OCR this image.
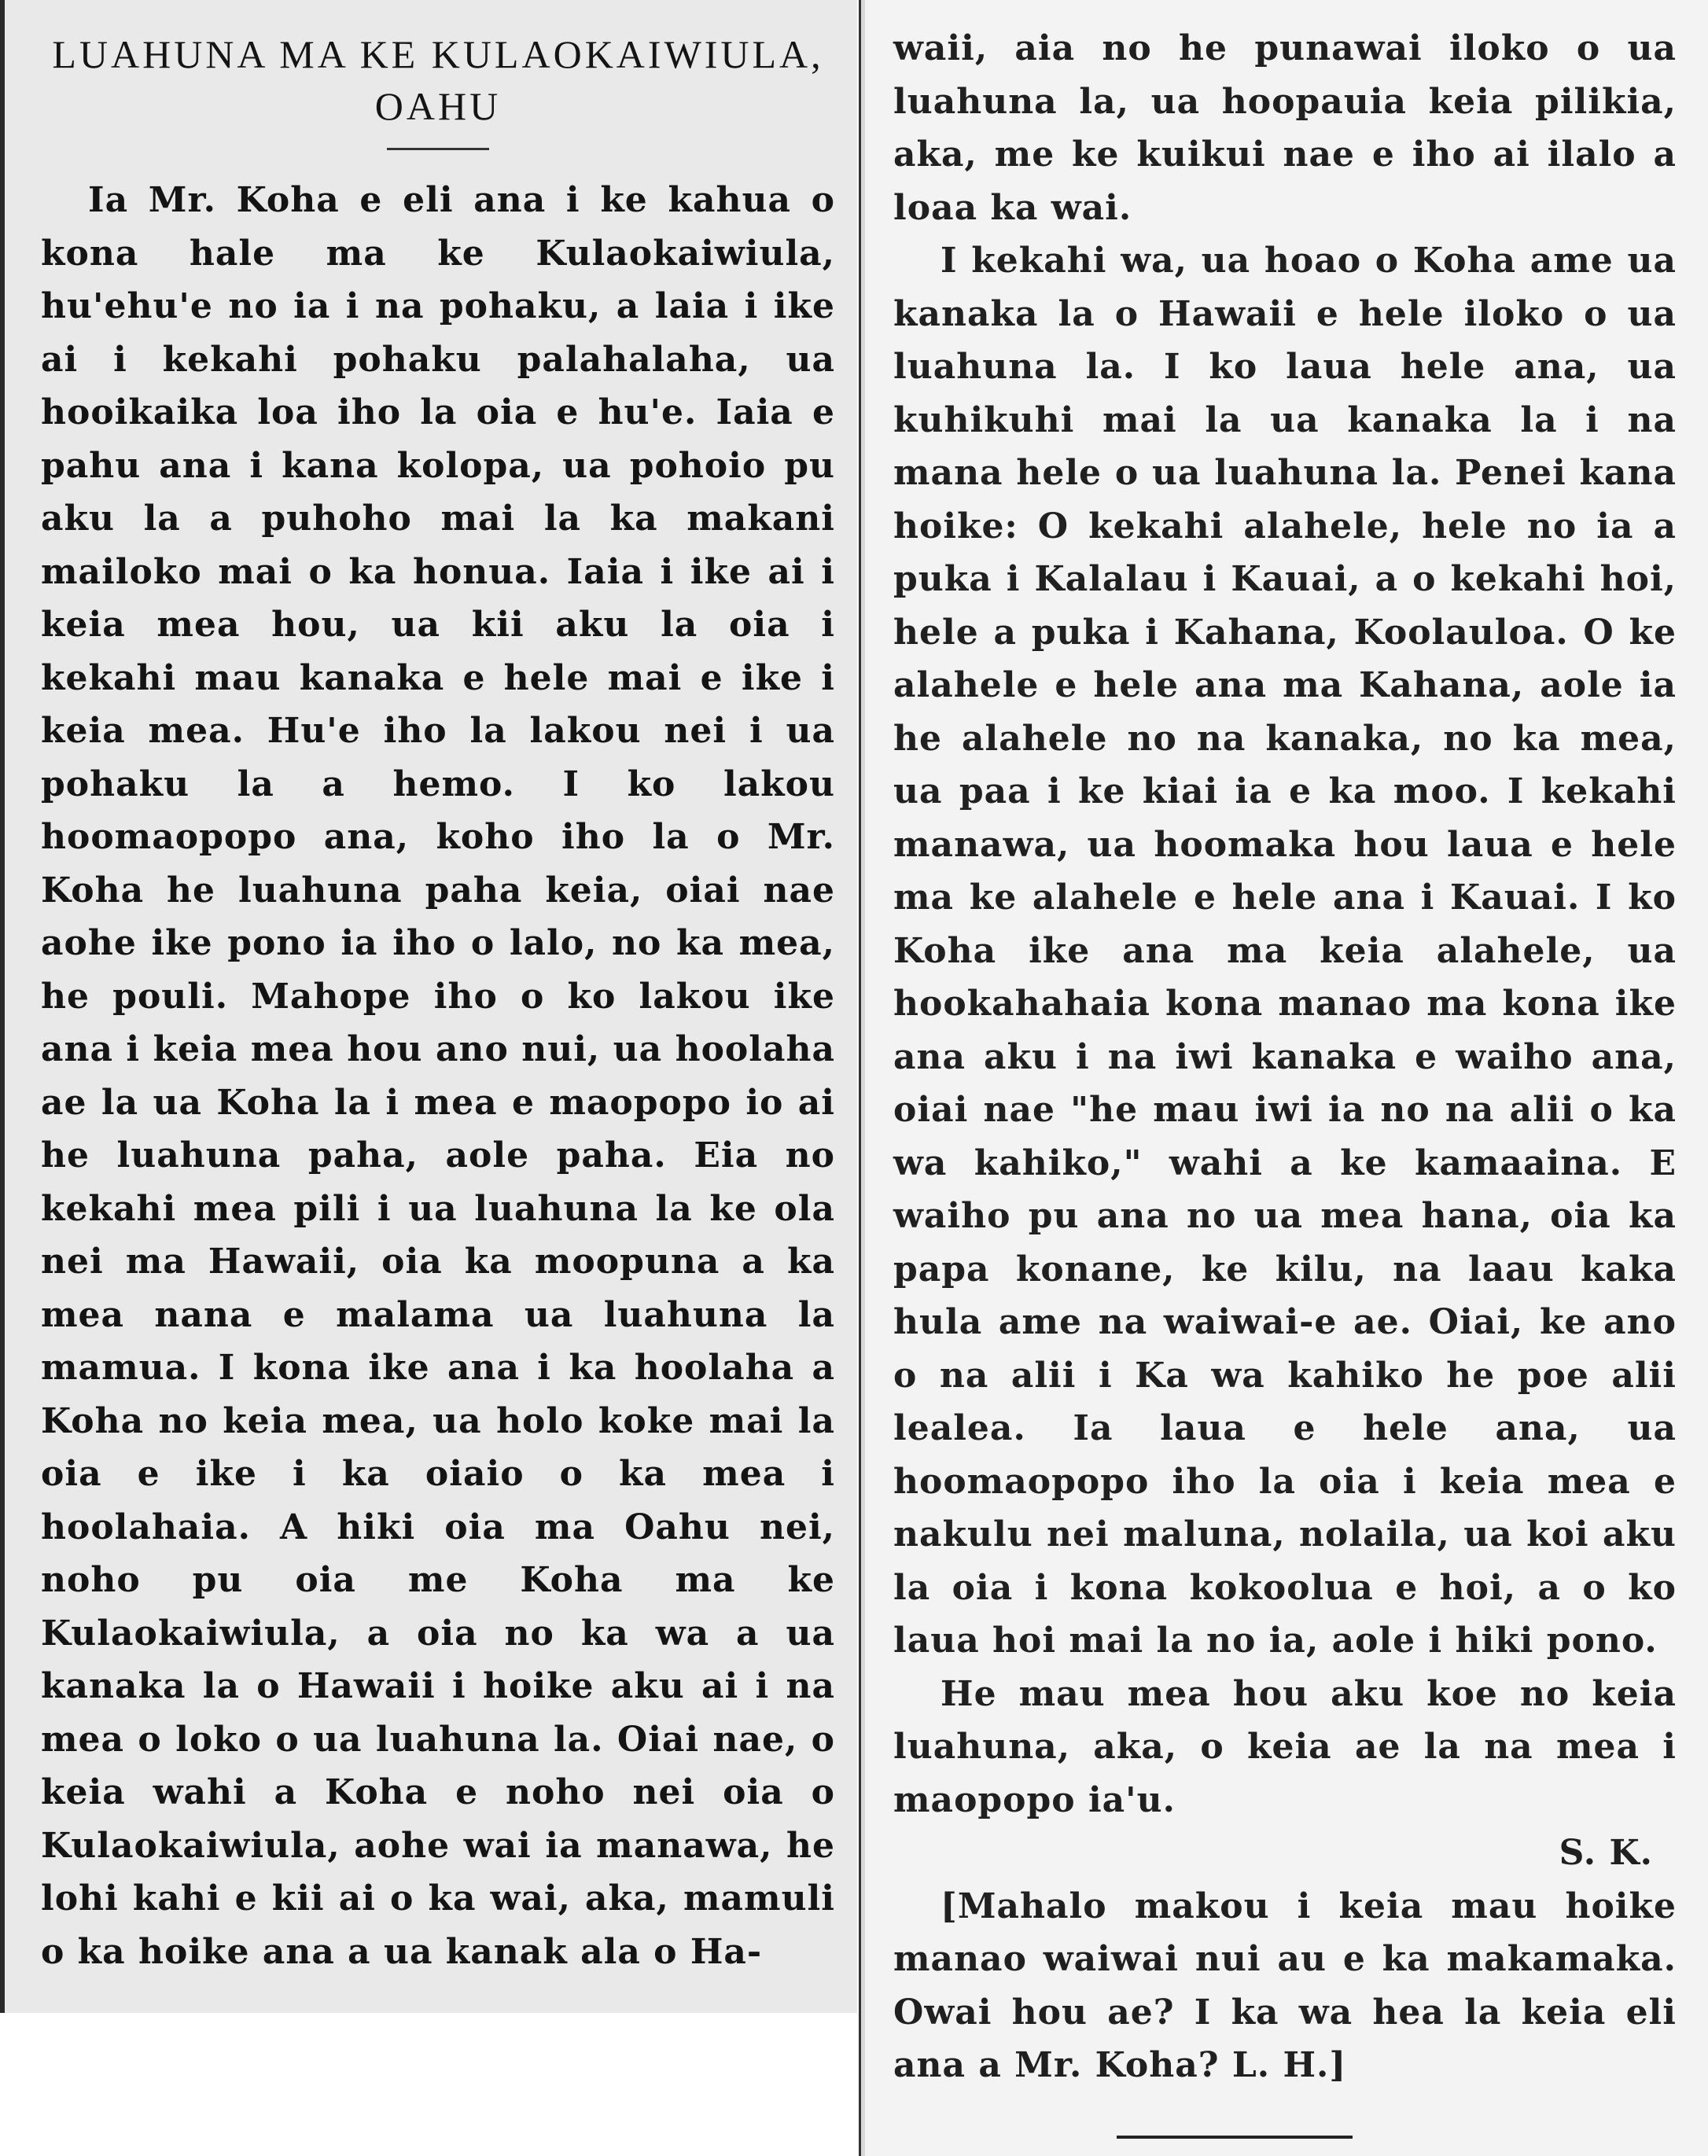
LUAHUNA MA KE KULAOKAIWIULA, OAHU

Ia Mr. Koha e eli ana i ke kahua o kona hale ma ke Kulaokaiwiula, hu'ehu'e no ia i na pohaku, a laia i ike ai i kekahi pohaku palahalaha, ua hooikaika loa iho la oia e hu'e. Iaia e pahu ana i kana kolopa, ua pohoio pu aku la a puhoho mai la ka makani mailoko mai o ka honua. Iaia i ike ai i keia mea hou, ua kii aku la oia i kekahi mau kanaka e hele mai e ike i keia mea. Hu'e iho la lakou nei i ua pohaku la a hemo. I ko lakou hoomaopopo ana, koho iho la o Mr. Koha he luahuna paha keia, oiai nae aohe ike pono ia iho o lalo, no ka mea, he pouli. Mahope iho o ko lakou ike ana i keia mea hou ano nui, ua hoolaha ae la ua Koha la i mea e maopopo io ai he luahuna paha, aole paha. Eia no kekahi mea pili i ua luahuna la ke ola nei ma Hawaii, oia ka moopuna a ka mea nana e malama ua luahuna la mamua. I kona ike ana i ka hoolaha a Koha no keia mea, ua holo koke mai la oia e ike i ka oiaio o ka mea i hoolahaia. A hiki oia ma Oahu nei, noho pu oia me Koha ma ke Kulaokaiwiula, a oia no ka wa a ua kanaka la o Hawaii i hoike aku ai i na mea o loko o ua luahuna la. Oiai nae, o keia wahi a Koha e noho nei oia o Kulaokaiwiula, aohe wai ia manawa, he lohi kahi e kii ai o ka wai, aka, mamuli o ka hoike ana a ua kanak ala o Ha-

waii, aia no he punawai iloko o ua luahuna la, ua hoopauia keia pilikia, aka, me ke kuikui nae e iho ai ilalo a loaa ka wai.

I kekahi wa, ua hoao o Koha ame ua kanaka la o Hawaii e hele iloko o ua luahuna la. I ko laua hele ana, ua kuhikuhi mai la ua kanaka la i na mana hele o ua luahuna la. Penei kana hoike: O kekahi alahele, hele no ia a puka i Kalalau i Kauai, a o kekahi hoi, hele a puka i Kahana, Koolauloa. O ke alahele e hele ana ma Kahana, aole ia he alahele no na kanaka, no ka mea, ua paa i ke kiai ia e ka moo. I kekahi manawa, ua hoomaka hou laua e hele ma ke alahele e hele ana i Kauai. I ko Koha ike ana ma keia alahele, ua hookahahaia kona manao ma kona ike ana aku i na iwi kanaka e waiho ana, oiai nae "he mau iwi ia no na alii o ka wa kahiko," wahi a ke kamaaina. E waiho pu ana no ua mea hana, oia ka papa konane, ke kilu, na laau kaka hula ame na waiwai-e ae. Oiai, ke ano o na alii i Ka wa kahiko he poe alii lealea. Ia laua e hele ana, ua hoomaopopo iho la oia i keia mea e nakulu nei maluna, nolaila, ua koi aku la oia i kona kokoolua e hoi, a o ko laua hoi mai la no ia, aole i hiki pono.

He mau mea hou aku koe no keia luahuna, aka, o keia ae la na mea i maopopo ia'u.
S. K.

[Mahalo makou i keia mau hoike manao waiwai nui au e ka makamaka. Owai hou ae? I ka wa hea la keia eli ana a Mr. Koha? L. H.]
